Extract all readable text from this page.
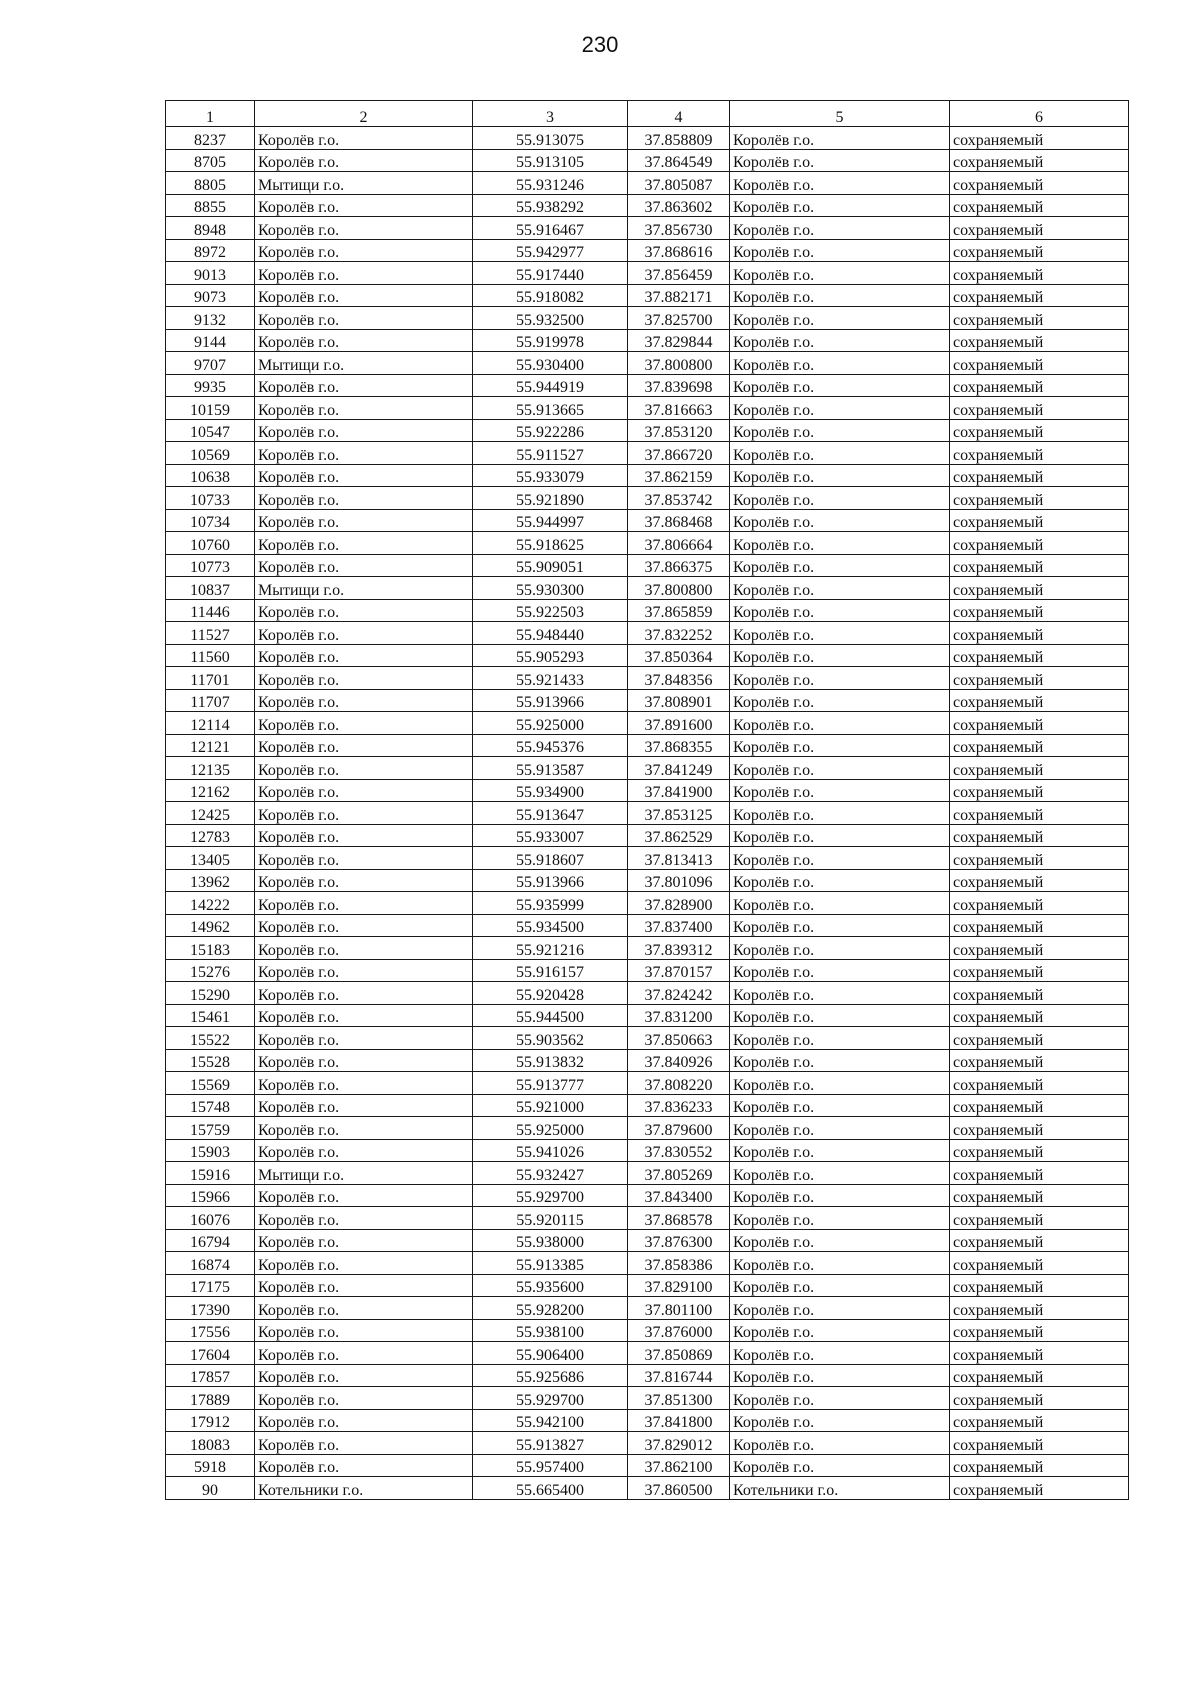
230
1	2	3	4	5	6
8237	Королёв г.о.	55.913075	37.858809	Королёв г.о.	сохраняемый
8705	Королёв г.о.	55.913105	37.864549	Королёв г.о.	сохраняемый
8805	Мытищи г.о.	55.931246	37.805087	Королёв г.о.	сохраняемый
8855	Королёв г.о.	55.938292	37.863602	Королёв г.о.	сохраняемый
8948	Королёв г.о.	55.916467	37.856730	Королёв г.о.	сохраняемый
8972	Королёв г.о.	55.942977	37.868616	Королёв г.о.	сохраняемый
9013	Королёв г.о.	55.917440	37.856459	Королёв г.о.	сохраняемый
9073	Королёв г.о.	55.918082	37.882171	Королёв г.о.	сохраняемый
9132	Королёв г.о.	55.932500	37.825700	Королёв г.о.	сохраняемый
9144	Королёв г.о.	55.919978	37.829844	Королёв г.о.	сохраняемый
9707	Мытищи г.о.	55.930400	37.800800	Королёв г.о.	сохраняемый
9935	Королёв г.о.	55.944919	37.839698	Королёв г.о.	сохраняемый
10159	Королёв г.о.	55.913665	37.816663	Королёв г.о.	сохраняемый
10547	Королёв г.о.	55.922286	37.853120	Королёв г.о.	сохраняемый
10569	Королёв г.о.	55.911527	37.866720	Королёв г.о.	сохраняемый
10638	Королёв г.о.	55.933079	37.862159	Королёв г.о.	сохраняемый
10733	Королёв г.о.	55.921890	37.853742	Королёв г.о.	сохраняемый
10734	Королёв г.о.	55.944997	37.868468	Королёв г.о.	сохраняемый
10760	Королёв г.о.	55.918625	37.806664	Королёв г.о.	сохраняемый
10773	Королёв г.о.	55.909051	37.866375	Королёв г.о.	сохраняемый
10837	Мытищи г.о.	55.930300	37.800800	Королёв г.о.	сохраняемый
11446	Королёв г.о.	55.922503	37.865859	Королёв г.о.	сохраняемый
11527	Королёв г.о.	55.948440	37.832252	Королёв г.о.	сохраняемый
11560	Королёв г.о.	55.905293	37.850364	Королёв г.о.	сохраняемый
11701	Королёв г.о.	55.921433	37.848356	Королёв г.о.	сохраняемый
11707	Королёв г.о.	55.913966	37.808901	Королёв г.о.	сохраняемый
12114	Королёв г.о.	55.925000	37.891600	Королёв г.о.	сохраняемый
12121	Королёв г.о.	55.945376	37.868355	Королёв г.о.	сохраняемый
12135	Королёв г.о.	55.913587	37.841249	Королёв г.о.	сохраняемый
12162	Королёв г.о.	55.934900	37.841900	Королёв г.о.	сохраняемый
12425	Королёв г.о.	55.913647	37.853125	Королёв г.о.	сохраняемый
12783	Королёв г.о.	55.933007	37.862529	Королёв г.о.	сохраняемый
13405	Королёв г.о.	55.918607	37.813413	Королёв г.о.	сохраняемый
13962	Королёв г.о.	55.913966	37.801096	Королёв г.о.	сохраняемый
14222	Королёв г.о.	55.935999	37.828900	Королёв г.о.	сохраняемый
14962	Королёв г.о.	55.934500	37.837400	Королёв г.о.	сохраняемый
15183	Королёв г.о.	55.921216	37.839312	Королёв г.о.	сохраняемый
15276	Королёв г.о.	55.916157	37.870157	Королёв г.о.	сохраняемый
15290	Королёв г.о.	55.920428	37.824242	Королёв г.о.	сохраняемый
15461	Королёв г.о.	55.944500	37.831200	Королёв г.о.	сохраняемый
15522	Королёв г.о.	55.903562	37.850663	Королёв г.о.	сохраняемый
15528	Королёв г.о.	55.913832	37.840926	Королёв г.о.	сохраняемый
15569	Королёв г.о.	55.913777	37.808220	Королёв г.о.	сохраняемый
15748	Королёв г.о.	55.921000	37.836233	Королёв г.о.	сохраняемый
15759	Королёв г.о.	55.925000	37.879600	Королёв г.о.	сохраняемый
15903	Королёв г.о.	55.941026	37.830552	Королёв г.о.	сохраняемый
15916	Мытищи г.о.	55.932427	37.805269	Королёв г.о.	сохраняемый
15966	Королёв г.о.	55.929700	37.843400	Королёв г.о.	сохраняемый
16076	Королёв г.о.	55.920115	37.868578	Королёв г.о.	сохраняемый
16794	Королёв г.о.	55.938000	37.876300	Королёв г.о.	сохраняемый
16874	Королёв г.о.	55.913385	37.858386	Королёв г.о.	сохраняемый
17175	Королёв г.о.	55.935600	37.829100	Королёв г.о.	сохраняемый
17390	Королёв г.о.	55.928200	37.801100	Королёв г.о.	сохраняемый
17556	Королёв г.о.	55.938100	37.876000	Королёв г.о.	сохраняемый
17604	Королёв г.о.	55.906400	37.850869	Королёв г.о.	сохраняемый
17857	Королёв г.о.	55.925686	37.816744	Королёв г.о.	сохраняемый
17889	Королёв г.о.	55.929700	37.851300	Королёв г.о.	сохраняемый
17912	Королёв г.о.	55.942100	37.841800	Королёв г.о.	сохраняемый
18083	Королёв г.о.	55.913827	37.829012	Королёв г.о.	сохраняемый
5918	Королёв г.о.	55.957400	37.862100	Королёв г.о.	сохраняемый
90	Котельники г.о.	55.665400	37.860500	Котельники г.о.	сохраняемый
